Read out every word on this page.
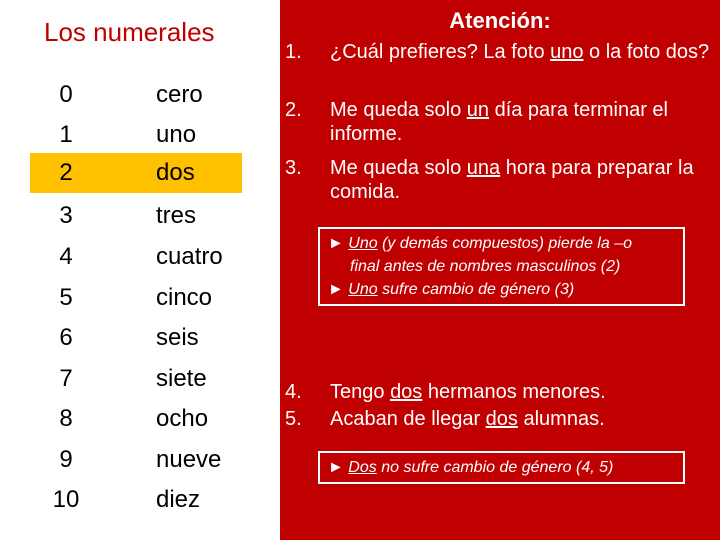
Los numerales
0	cero
1	uno
2	dos
3	tres
4	cuatro
5	cinco
6	seis
7	siete
8	ocho
9	nueve
10	diez
Atención:
1. ¿Cuál prefieres? La foto uno o la foto dos?
2. Me queda solo un día para terminar el informe.
3. Me queda solo una hora para preparar la comida.
► Uno (y demás compuestos) pierde la –o
final antes de nombres masculinos (2)
► Uno sufre cambio de género (3)
4. Tengo dos hermanos menores.
5. Acaban de llegar dos alumnas.
► Dos no sufre cambio de género (4, 5)
